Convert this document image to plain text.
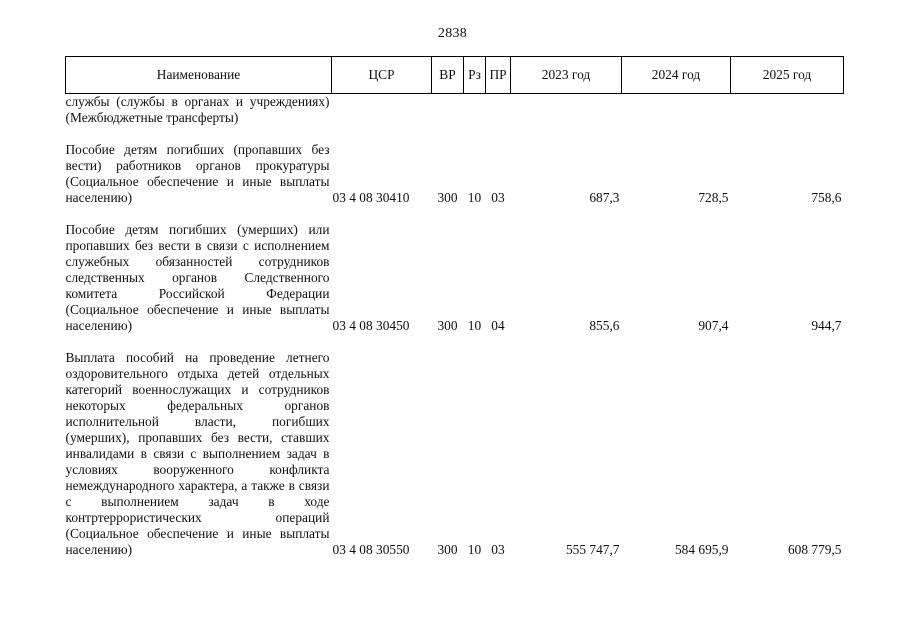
2838
Наименование	ЦСР	ВР	Рз	ПР	2023 год	2024 год	2025 год
службы (службы в органах и учреждениях) (Межбюджетные трансферты)							

Пособие детям погибших (пропавших без вести) работников органов прокуратуры (Социальное обеспечение и иные выплаты населению)	03 4 08 30410	300	10	03	687,3	728,5	758,6

Пособие детям погибших (умерших) или пропавших без вести в связи с исполнением служебных обязанностей сотрудников следственных органов Следственного комитета Российской Федерации (Социальное обеспечение и иные выплаты населению)	03 4 08 30450	300	10	04	855,6	907,4	944,7

Выплата пособий на проведение летнего оздоровительного отдыха детей отдельных категорий военнослужащих и сотрудников некоторых федеральных органов исполнительной власти, погибших (умерших), пропавших без вести, ставших инвалидами в связи с выполнением задач в условиях вооруженного конфликта немеждународного характера, а также в связи с выполнением задач в ходе контртеррористических операций (Социальное обеспечение и иные выплаты населению)	03 4 08 30550	300	10	03	555 747,7	584 695,9	608 779,5
